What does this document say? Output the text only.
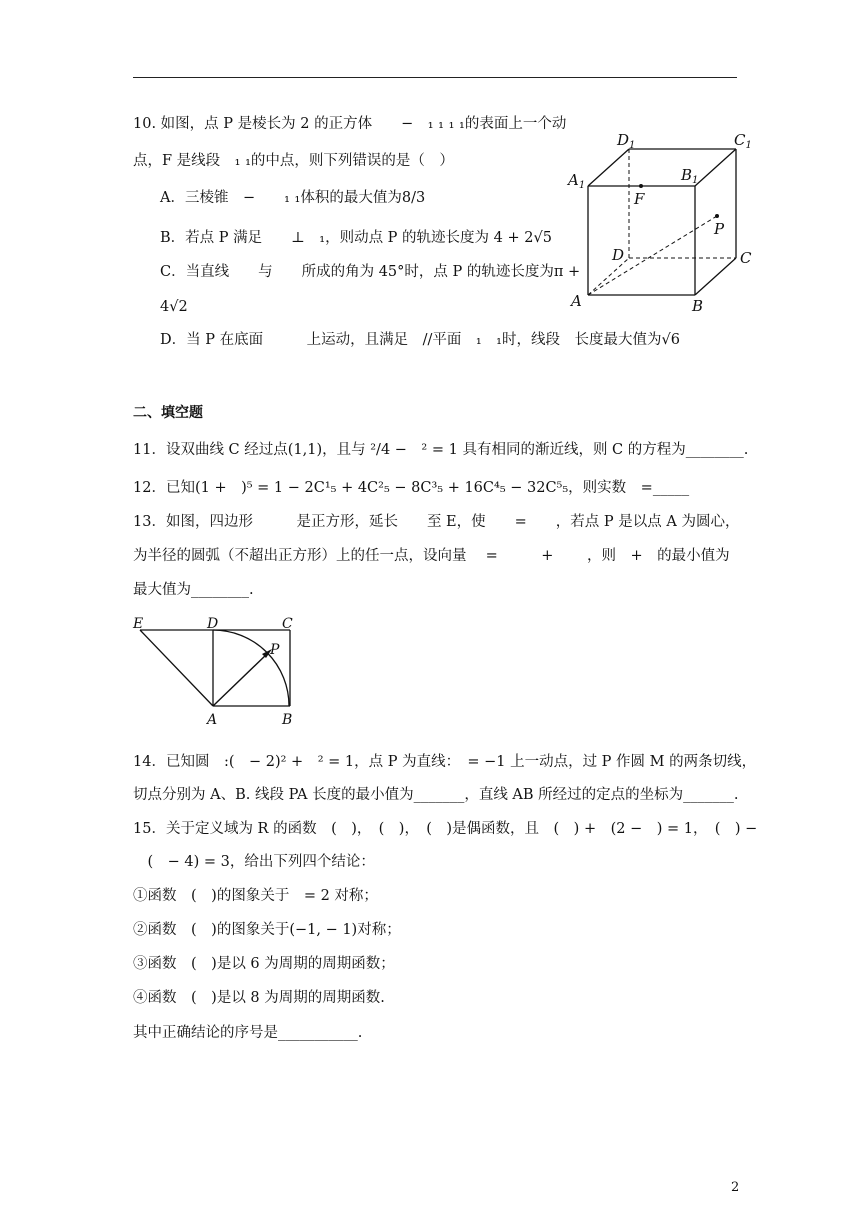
10. 如图，点 P 是棱长为 2 的正方体　　−　₁ ₁ ₁ ₁的表面上一个动
点，F 是线段　₁ ₁的中点，则下列错误的是（　）
A．三棱锥　−　　₁ ₁体积的最大值为8/3
B．若点 P 满足　　⊥　₁，则动点 P 的轨迹长度为 4 + 2√5
C．当直线　　与　　所成的角为 45°时，点 P 的轨迹长度为π +
4√2
D．当 P 在底面　　　上运动，且满足　//平面　₁　₁时，线段　长度最大值为√6
$D_1$	$C_1$
$A_1$
$B_1$
F
P
D	C
A	B
二、填空题
11．设双曲线 C 经过点(1,1)，且与 ²/4 −　² = 1 具有相同的渐近线，则 C 的方程为________.
12．已知(1 +　)⁵ = 1 − 2C¹₅ + 4C²₅ − 8C³₅ + 16C⁴₅ − 32C⁵₅，则实数　=_____
13．如图，四边形　　　是正方形，延长　　至 E，使　　=　　，若点 P 是以点 A 为圆心，
为半径的圆弧（不超出正方形）上的任一点，设向量　 =　　　+　　 ，则　+　的最小值为
最大值为________.
E	D	C
P
A	B
14．已知圆　:(　− 2)² +　² = 1，点 P 为直线：　= −1 上一动点，过 P 作圆 M 的两条切线，
切点分别为 A、B. 线段 PA 长度的最小值为_______，直线 AB 所经过的定点的坐标为_______.
15．关于定义域为 R 的函数　(　)，　(　)，　(　)是偶函数，且　(　) +　(2 −　) = 1，　(　) −
　(　− 4) = 3，给出下列四个结论：
①函数　(　)的图象关于　= 2 对称；
②函数　(　)的图象关于(−1, − 1)对称；
③函数　(　)是以 6 为周期的周期函数；
④函数　(　)是以 8 为周期的周期函数.
其中正确结论的序号是___________.
2
